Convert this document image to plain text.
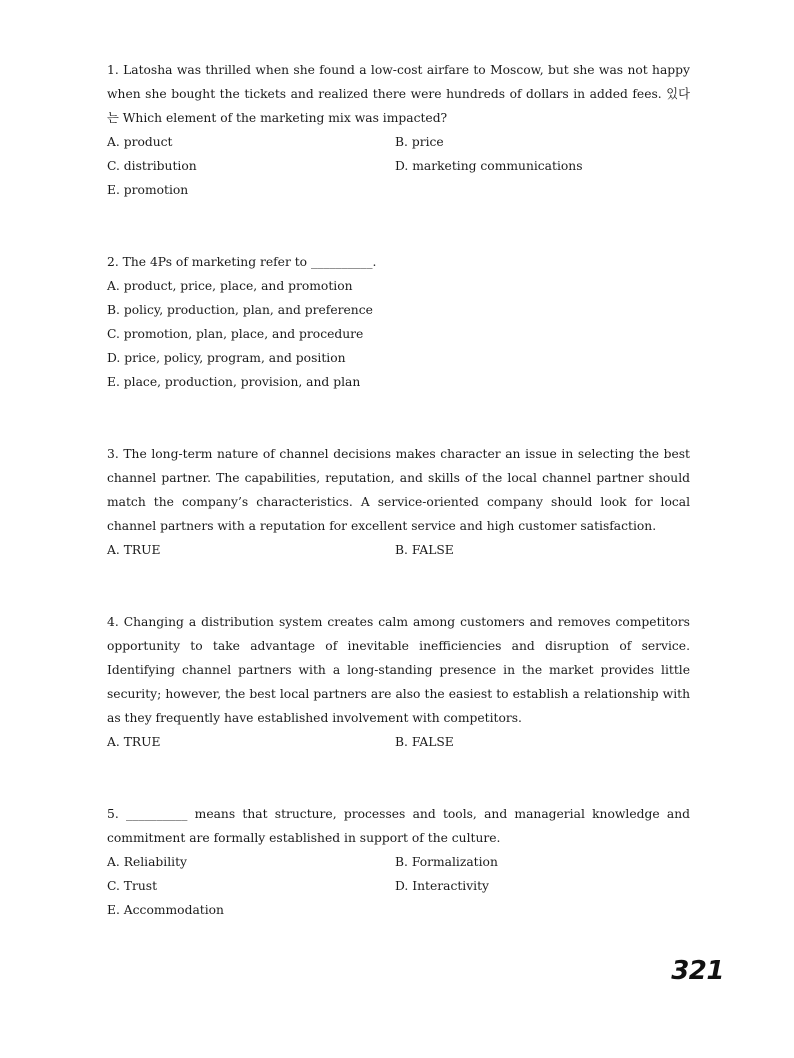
1. Latosha was thrilled when she found a low-cost airfare to Moscow, but she was not happy when she bought the tickets and realized there were hundreds of dollars in added fees. 있다는 Which element of the marketing mix was impacted?

A. product	B. price
C. distribution	D. marketing communications
E. promotion

2. The 4Ps of marketing refer to __________.

A. product, price, place, and promotion
B. policy, production, plan, and preference
C. promotion, plan, place, and procedure
D. price, policy, program, and position
E. place, production, provision, and plan

3. The long-term nature of channel decisions makes character an issue in selecting the best channel partner. The capabilities, reputation, and skills of the local channel partner should match the company’s characteristics. A service-oriented company should look for local channel partners with a reputation for excellent service and high customer satisfaction.

A. TRUE	B. FALSE

4. Changing a distribution system creates calm among customers and removes competitors opportunity to take advantage of inevitable inefficiencies and disruption of service. Identifying channel partners with a long-standing presence in the market provides little security; however, the best local partners are also the easiest to establish a relationship with as they frequently have established involvement with competitors.

A. TRUE	B. FALSE

5. __________ means that structure, processes and tools, and managerial knowledge and commitment are formally established in support of the culture.

A. Reliability	B. Formalization
C. Trust	D. Interactivity
E. Accommodation
321
